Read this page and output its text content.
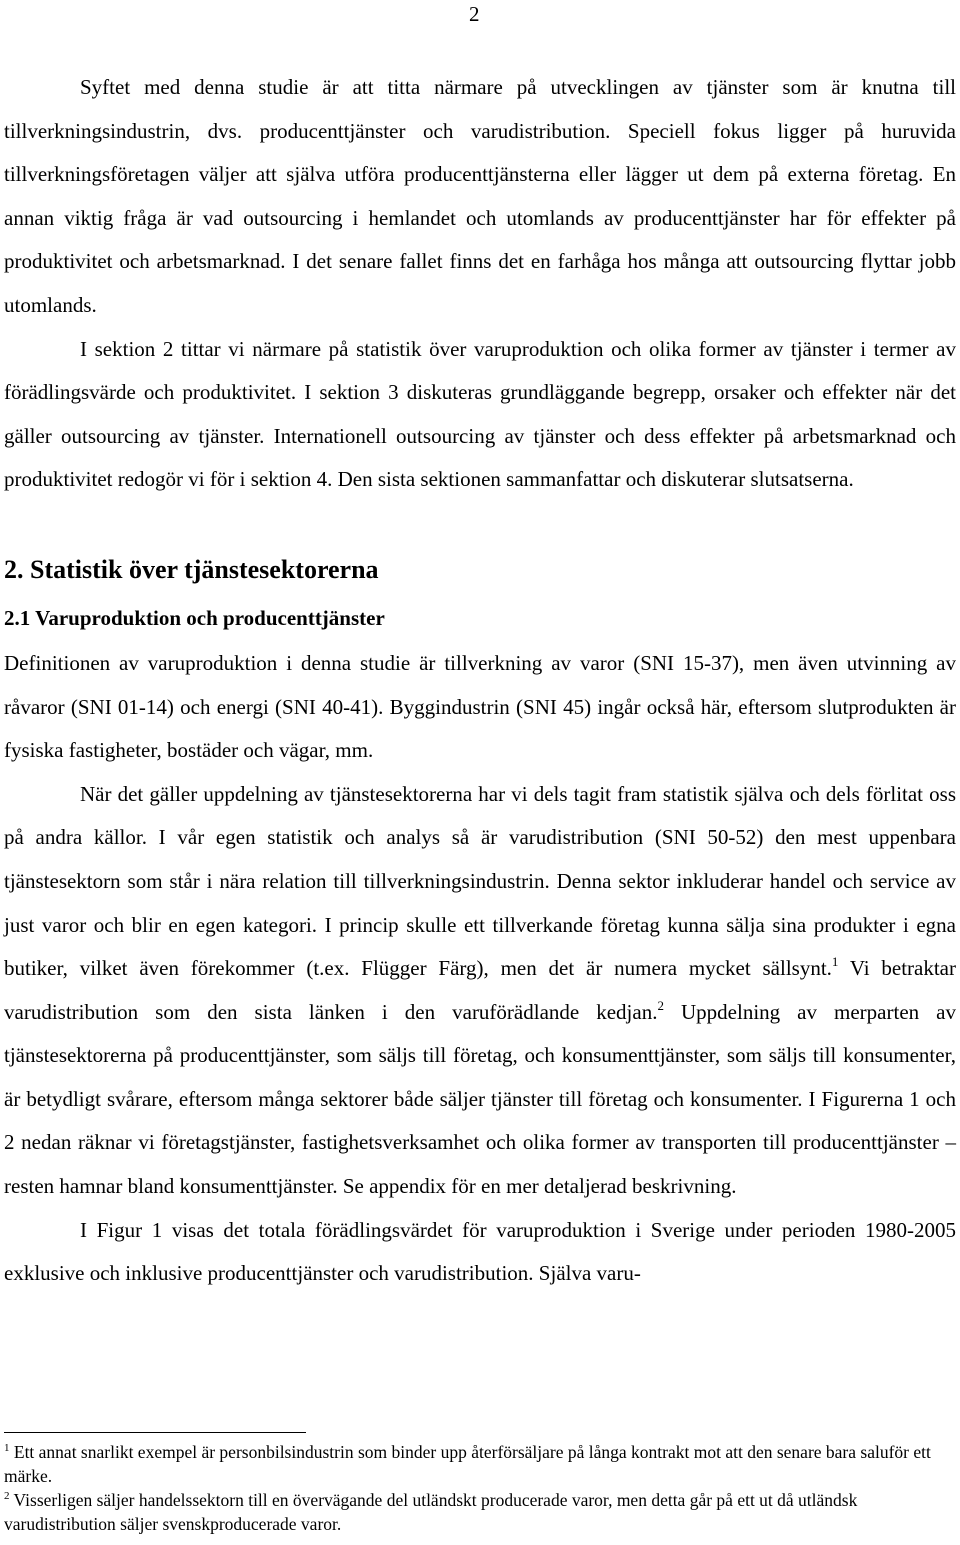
2

Syftet med denna studie är att titta närmare på utvecklingen av tjänster som är knutna till tillverkningsindustrin, dvs. producenttjänster och varudistribution. Speciell fokus ligger på huruvida tillverkningsföretagen väljer att själva utföra producenttjänsterna eller lägger ut dem på externa företag. En annan viktig fråga är vad outsourcing i hemlandet och utomlands av producenttjänster har för effekter på produktivitet och arbetsmarknad. I det senare fallet finns det en farhåga hos många att outsourcing flyttar jobb utomlands.

I sektion 2 tittar vi närmare på statistik över varuproduktion och olika former av tjänster i termer av förädlingsvärde och produktivitet. I sektion 3 diskuteras grundläggande begrepp, orsaker och effekter när det gäller outsourcing av tjänster. Internationell outsourcing av tjänster och dess effekter på arbetsmarknad och produktivitet redogör vi för i sektion 4. Den sista sektionen sammanfattar och diskuterar slutsatserna.

2. Statistik över tjänstesektorerna
2.1 Varuproduktion och producenttjänster

Definitionen av varuproduktion i denna studie är tillverkning av varor (SNI 15-37), men även utvinning av råvaror (SNI 01-14) och energi (SNI 40-41). Byggindustrin (SNI 45) ingår också här, eftersom slutprodukten är fysiska fastigheter, bostäder och vägar, mm.

När det gäller uppdelning av tjänstesektorerna har vi dels tagit fram statistik själva och dels förlitat oss på andra källor. I vår egen statistik och analys så är varudistribution (SNI 50-52) den mest uppenbara tjänstesektorn som står i nära relation till tillverkningsindustrin. Denna sektor inkluderar handel och service av just varor och blir en egen kategori. I princip skulle ett tillverkande företag kunna sälja sina produkter i egna butiker, vilket även förekommer (t.ex. Flügger Färg), men det är numera mycket sällsynt.$^1$ Vi betraktar varudistribution som den sista länken i den varuförädlande kedjan.$^2$ Uppdelning av merparten av tjänstesektorerna på producenttjänster, som säljs till företag, och konsumenttjänster, som säljs till konsumenter, är betydligt svårare, eftersom många sektorer både säljer tjänster till företag och konsumenter. I Figurerna 1 och 2 nedan räknar vi företagstjänster, fastighetsverksamhet och olika former av transporten till producenttjänster – resten hamnar bland konsumenttjänster. Se appendix för en mer detaljerad beskrivning.

I Figur 1 visas det totala förädlingsvärdet för varuproduktion i Sverige under perioden 1980-2005 exklusive och inklusive producenttjänster och varudistribution. Själva varu-

$^1$ Ett annat snarlikt exempel är personbilsindustrin som binder upp återförsäljare på långa kontrakt mot att den senare bara saluför ett märke.

$^2$ Visserligen säljer handelssektorn till en övervägande del utländskt producerade varor, men detta går på ett ut då utländsk varudistribution säljer svenskproducerade varor.
